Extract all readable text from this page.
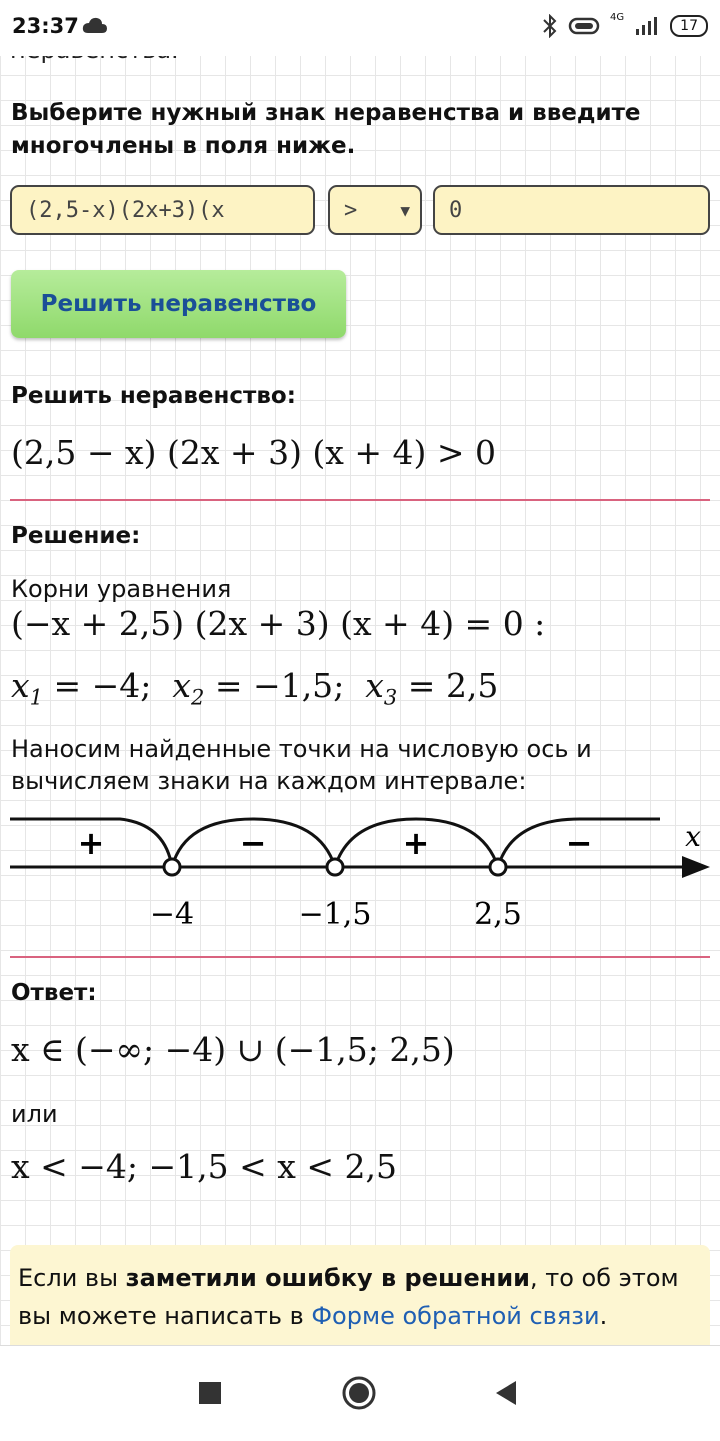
23:37	4G
17
Выберите нужный знак неравенства и введите многочлены в поля ниже.
(2,5-x)(2x+3)(x	>	▼ 0
Решить неравенство
Решить неравенство:
(2,5 − x) (2x + 3) (x + 4) > 0
Решение:
Корни уравнения
(−x + 2,5) (2x + 3) (x + 4) = 0 :
$x_1 = -4$;  $x_2 = -1,5$;  $x_3 = 2,5$
Наносим найденные точки на числовую ось и вычисляем знаки на каждом интервале:
+	−	+	−	x
−4	−1,5	2,5
Ответ:
x ∈ (−∞; −4) ∪ (−1,5; 2,5)
или
x < −4; −1,5 < x < 2,5
Если вы заметили ошибку в решении, то об этом вы можете написать в Форме обратной связи.
